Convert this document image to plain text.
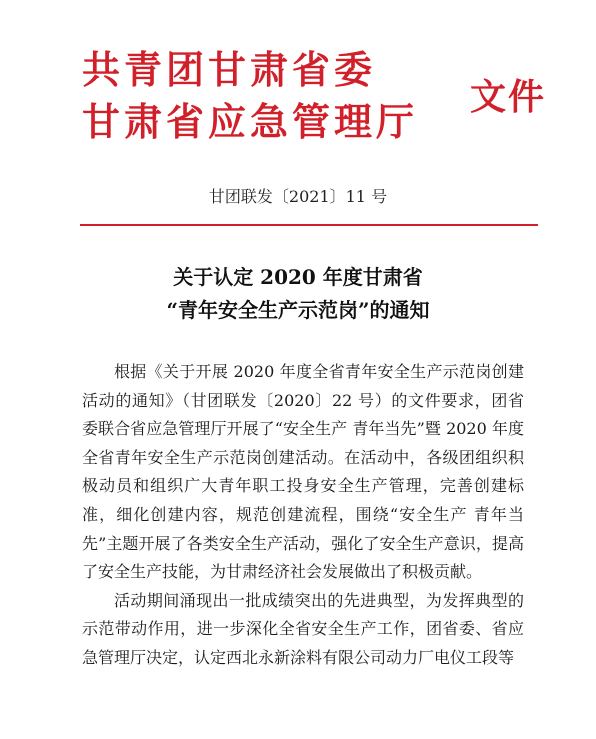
共青团甘肃省委
甘肃省应急管理厅
文件
甘团联发〔2021〕11 号
关于认定 2020 年度甘肃省
“青年安全生产示范岗”的通知

根据《关于开展 2020 年度全省青年安全生产示范岗创建活动的通知》（甘团联发〔2020〕22 号）的文件要求，团省委联合省应急管理厅开展了“安全生产 青年当先”暨 2020 年度全省青年安全生产示范岗创建活动。在活动中，各级团组织积极动员和组织广大青年职工投身安全生产管理，完善创建标准，细化创建内容，规范创建流程，围绕“安全生产 青年当先”主题开展了各类安全生产活动，强化了安全生产意识，提高了安全生产技能，为甘肃经济社会发展做出了积极贡献。

活动期间涌现出一批成绩突出的先进典型，为发挥典型的示范带动作用，进一步深化全省安全生产工作，团省委、省应急管理厅决定，认定西北永新涂料有限公司动力厂电仪工段等
